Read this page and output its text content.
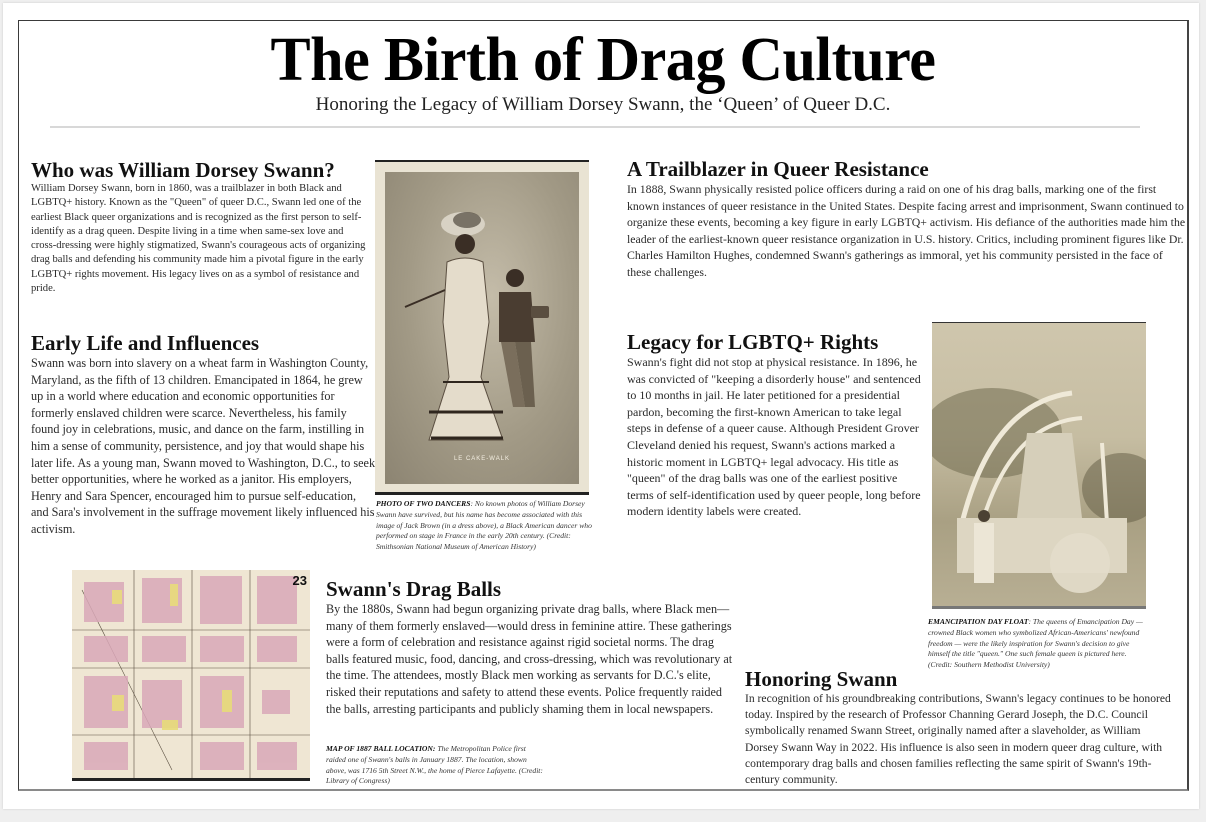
The Birth of Drag Culture
Honoring the Legacy of William Dorsey Swann, the ‘Queen’ of Queer D.C.
Who was William Dorsey Swann?

William Dorsey Swann, born in 1860, was a trailblazer in both Black and LGBTQ+ history. Known as the "Queen" of queer D.C., Swann led one of the earliest Black queer organizations and is recognized as the first person to self-identify as a drag queen. Despite living in a time when same-sex love and cross-dressing were highly stigmatized, Swann's courageous acts of organizing drag balls and defending his community made him a pivotal figure in the early LGBTQ+ rights movement. His legacy lives on as a symbol of resistance and pride.

Early Life and Influences

Swann was born into slavery on a wheat farm in Washington County, Maryland, as the fifth of 13 children. Emancipated in 1864, he grew up in a world where education and economic opportunities for formerly enslaved children were scarce. Nevertheless, his family found joy in celebrations, music, and dance on the farm, instilling in him a sense of community, persistence, and joy that would shape his later life. As a young man, Swann moved to Washington, D.C., to seek better opportunities, where he worked as a janitor. His employers, Henry and Sara Spencer, encouraged him to pursue self-education, and Sara's involvement in the suffrage movement likely influenced his activism.

LE CAKE-WALK
PHOTO OF TWO DANCERS: No known photos of William Dorsey Swann have survived, but his name has become associated with this image of Jack Brown (in a dress above), a Black American dancer who performed on stage in France in the early 20th century. (Credit: Smithsonian National Museum of American History)
A Trailblazer in Queer Resistance

In 1888, Swann physically resisted police officers during a raid on one of his drag balls, marking one of the first known instances of queer resistance in the United States. Despite facing arrest and imprisonment, Swann continued to organize these events, becoming a key figure in early LGBTQ+ activism. His defiance of the authorities made him the leader of the earliest-known queer resistance organization in U.S. history. Critics, including prominent figures like Dr. Charles Hamilton Hughes, condemned Swann's gatherings as immoral, yet his community persisted in the face of these challenges.

Legacy for LGBTQ+ Rights

Swann's fight did not stop at physical resistance. In 1896, he was convicted of "keeping a disorderly house" and sentenced to 10 months in jail. He later petitioned for a presidential pardon, becoming the first-known American to take legal steps in defense of a queer cause. Although President Grover Cleveland denied his request, Swann's actions marked a historic moment in LGBTQ+ legal advocacy. His title as "queen" of the drag balls was one of the earliest positive terms of self-identification used by queer people, long before modern identity labels were created.

EMANCIPATION DAY FLOAT: The queens of Emancipation Day — crowned Black women who symbolized African-Americans' newfound freedom — were the likely inspiration for Swann's decision to give himself the title "queen." One such female queen is pictured here. (Credit: Southern Methodist University)
23 Swann's Drag Balls

By the 1880s, Swann had begun organizing private drag balls, where Black men—many of them formerly enslaved—would dress in feminine attire. These gatherings were a form of celebration and resistance against rigid societal norms. The drag balls featured music, food, dancing, and cross-dressing, which was revolutionary at the time. The attendees, mostly Black men working as servants for D.C.'s elite, risked their reputations and safety to attend these events. Police frequently raided the balls, arresting participants and publicly shaming them in local newspapers.

MAP OF 1887 BALL LOCATION: The Metropolitan Police first raided one of Swann's balls in January 1887. The location, shown above, was 1716 5th Street N.W., the home of Pierce Lafayette. (Credit: Library of Congress)
Honoring Swann

In recognition of his groundbreaking contributions, Swann's legacy continues to be honored today. Inspired by the research of Professor Channing Gerard Joseph, the D.C. Council symbolically renamed Swann Street, originally named after a slaveholder, as William Dorsey Swann Way in 2022. His influence is also seen in modern queer drag culture, with contemporary drag balls and chosen families reflecting the same spirit of Swann's 19th-century community.
